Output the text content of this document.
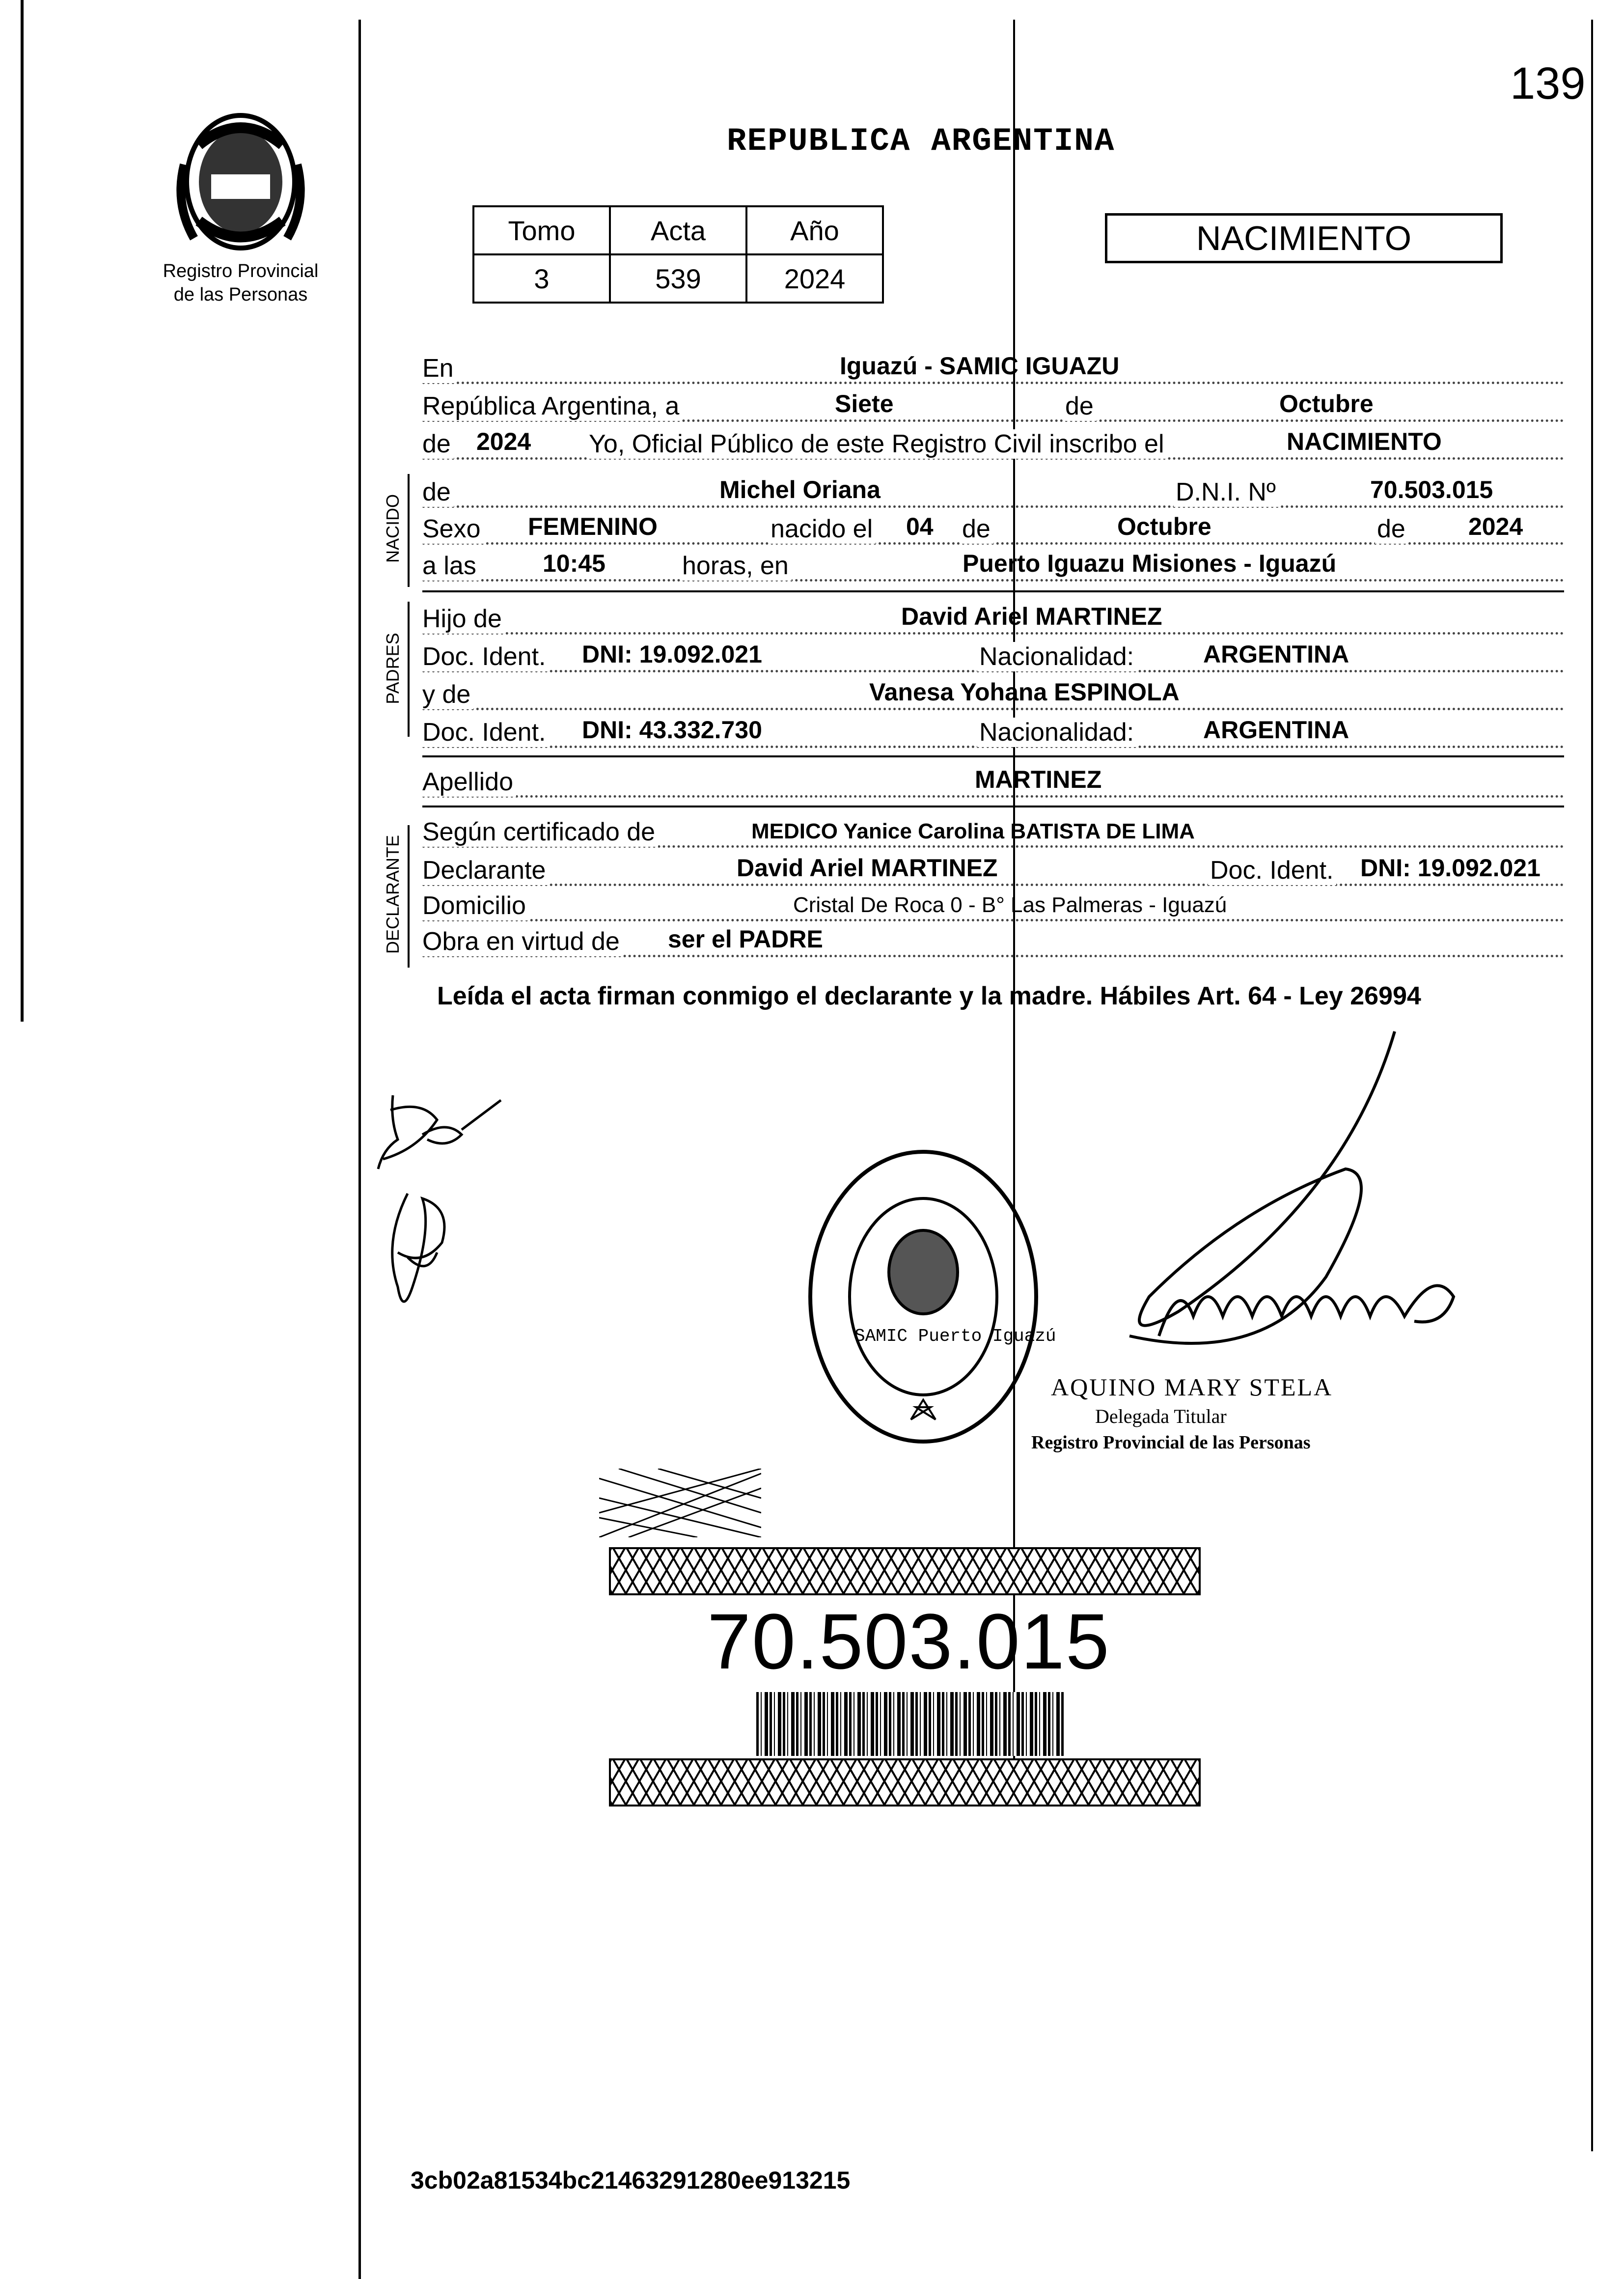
139
Registro Provincial
de las Personas
REPUBLICA ARGENTINA
Tomo	Acta	Año
3	539	2024
NACIMIENTO
En	Iguazú - SAMIC IGUAZU
República Argentina, a	Siete	de	Octubre
de 2024 Yo, Oficial Público de este Registro Civil inscribo el	NACIMIENTO
NACIDO
de	Michel Oriana	D.N.I. Nº	70.503.015
Sexo FEMENINO	nacido el 04 de	Octubre	de	2024
a las	10:45	horas, en	Puerto Iguazu Misiones - Iguazú
PADRES
Hijo de	David Ariel MARTINEZ
Doc. Ident. DNI: 19.092.021	Nacionalidad:	ARGENTINA
y de	Vanesa Yohana ESPINOLA
Doc. Ident. DNI: 43.332.730	Nacionalidad:	ARGENTINA
Apellido	MARTINEZ
DECLARANTE
Según certificado de	MEDICO Yanice Carolina BATISTA DE LIMA
Declarante	David Ariel MARTINEZ	Doc. Ident. DNI: 19.092.021
Domicilio	Cristal De Roca 0 - B° Las Palmeras - Iguazú
Obra en virtud de ser el PADRE
Leída el acta firman conmigo el declarante y la madre. Hábiles Art. 64 - Ley 26994
SAMIC Puerto Iguazú
AQUINO MARY STELA
Delegada Titular
Registro Provincial de las Personas
70.503.015
3cb02a81534bc21463291280ee913215
